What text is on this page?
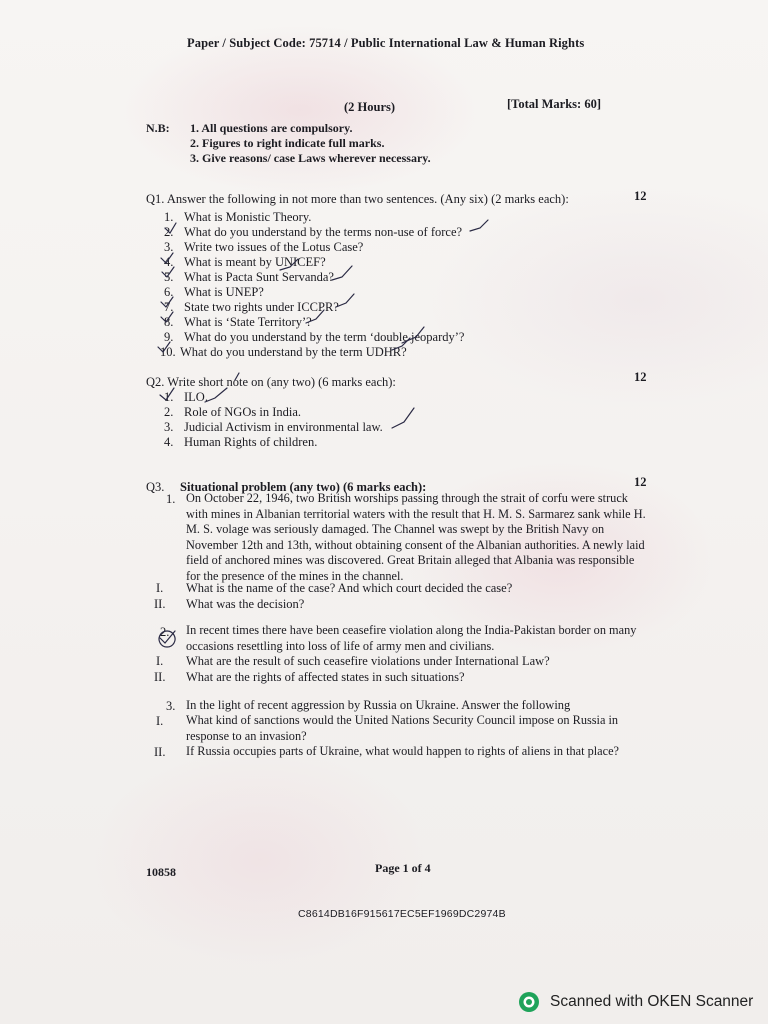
Paper / Subject Code: 75714 / Public International Law & Human Rights
(2 Hours)	[Total Marks: 60]
N.B: 1. All questions are compulsory.
2. Figures to right indicate full marks.
3. Give reasons/ case Laws wherever necessary.
Q1. Answer the following in not more than two sentences. (Any six) (2 marks each):	12
1. What is Monistic Theory.
2. What do you understand by the terms non-use of force?
3. Write two issues of the Lotus Case?
4. What is meant by UNICEF?
5. What is Pacta Sunt Servanda?
6. What is UNEP?
7. State two rights under ICCPR?
8. What is ‘State Territory’?
9. What do you understand by the term ‘double jeopardy’?
10. What do you understand by the term UDHR?
Q2. Write short note on (any two) (6 marks each):	12
1. ILO.
2. Role of NGOs in India.
3. Judicial Activism in environmental law.
4. Human Rights of children.
Q3. Situational problem (any two) (6 marks each):	12
1. On October 22, 1946, two British worships passing through the strait of corfu were struck with mines in Albanian territorial waters with the result that H. M. S. Sarmarez sank while H. M. S. volage was seriously damaged. The Channel was swept by the British Navy on November 12th and 13th, without obtaining consent of the Albanian authorities. A newly laid field of anchored mines was discovered. Great Britain alleged that Albania was responsible for the presence of the mines in the channel.
I. What is the name of the case? And which court decided the case?
II. What was the decision?
2. In recent times there have been ceasefire violation along the India-Pakistan border on many occasions resettling into loss of life of army men and civilians.
I. What are the result of such ceasefire violations under International Law?
II. What are the rights of affected states in such situations?
3. In the light of recent aggression by Russia on Ukraine. Answer the following
I. What kind of sanctions would the United Nations Security Council impose on Russia in response to an invasion?
II. If Russia occupies parts of Ukraine, what would happen to rights of aliens in that place?
10858	Page 1 of 4
C8614DB16F915617EC5EF1969DC2974B
Scanned with OKEN Scanner
